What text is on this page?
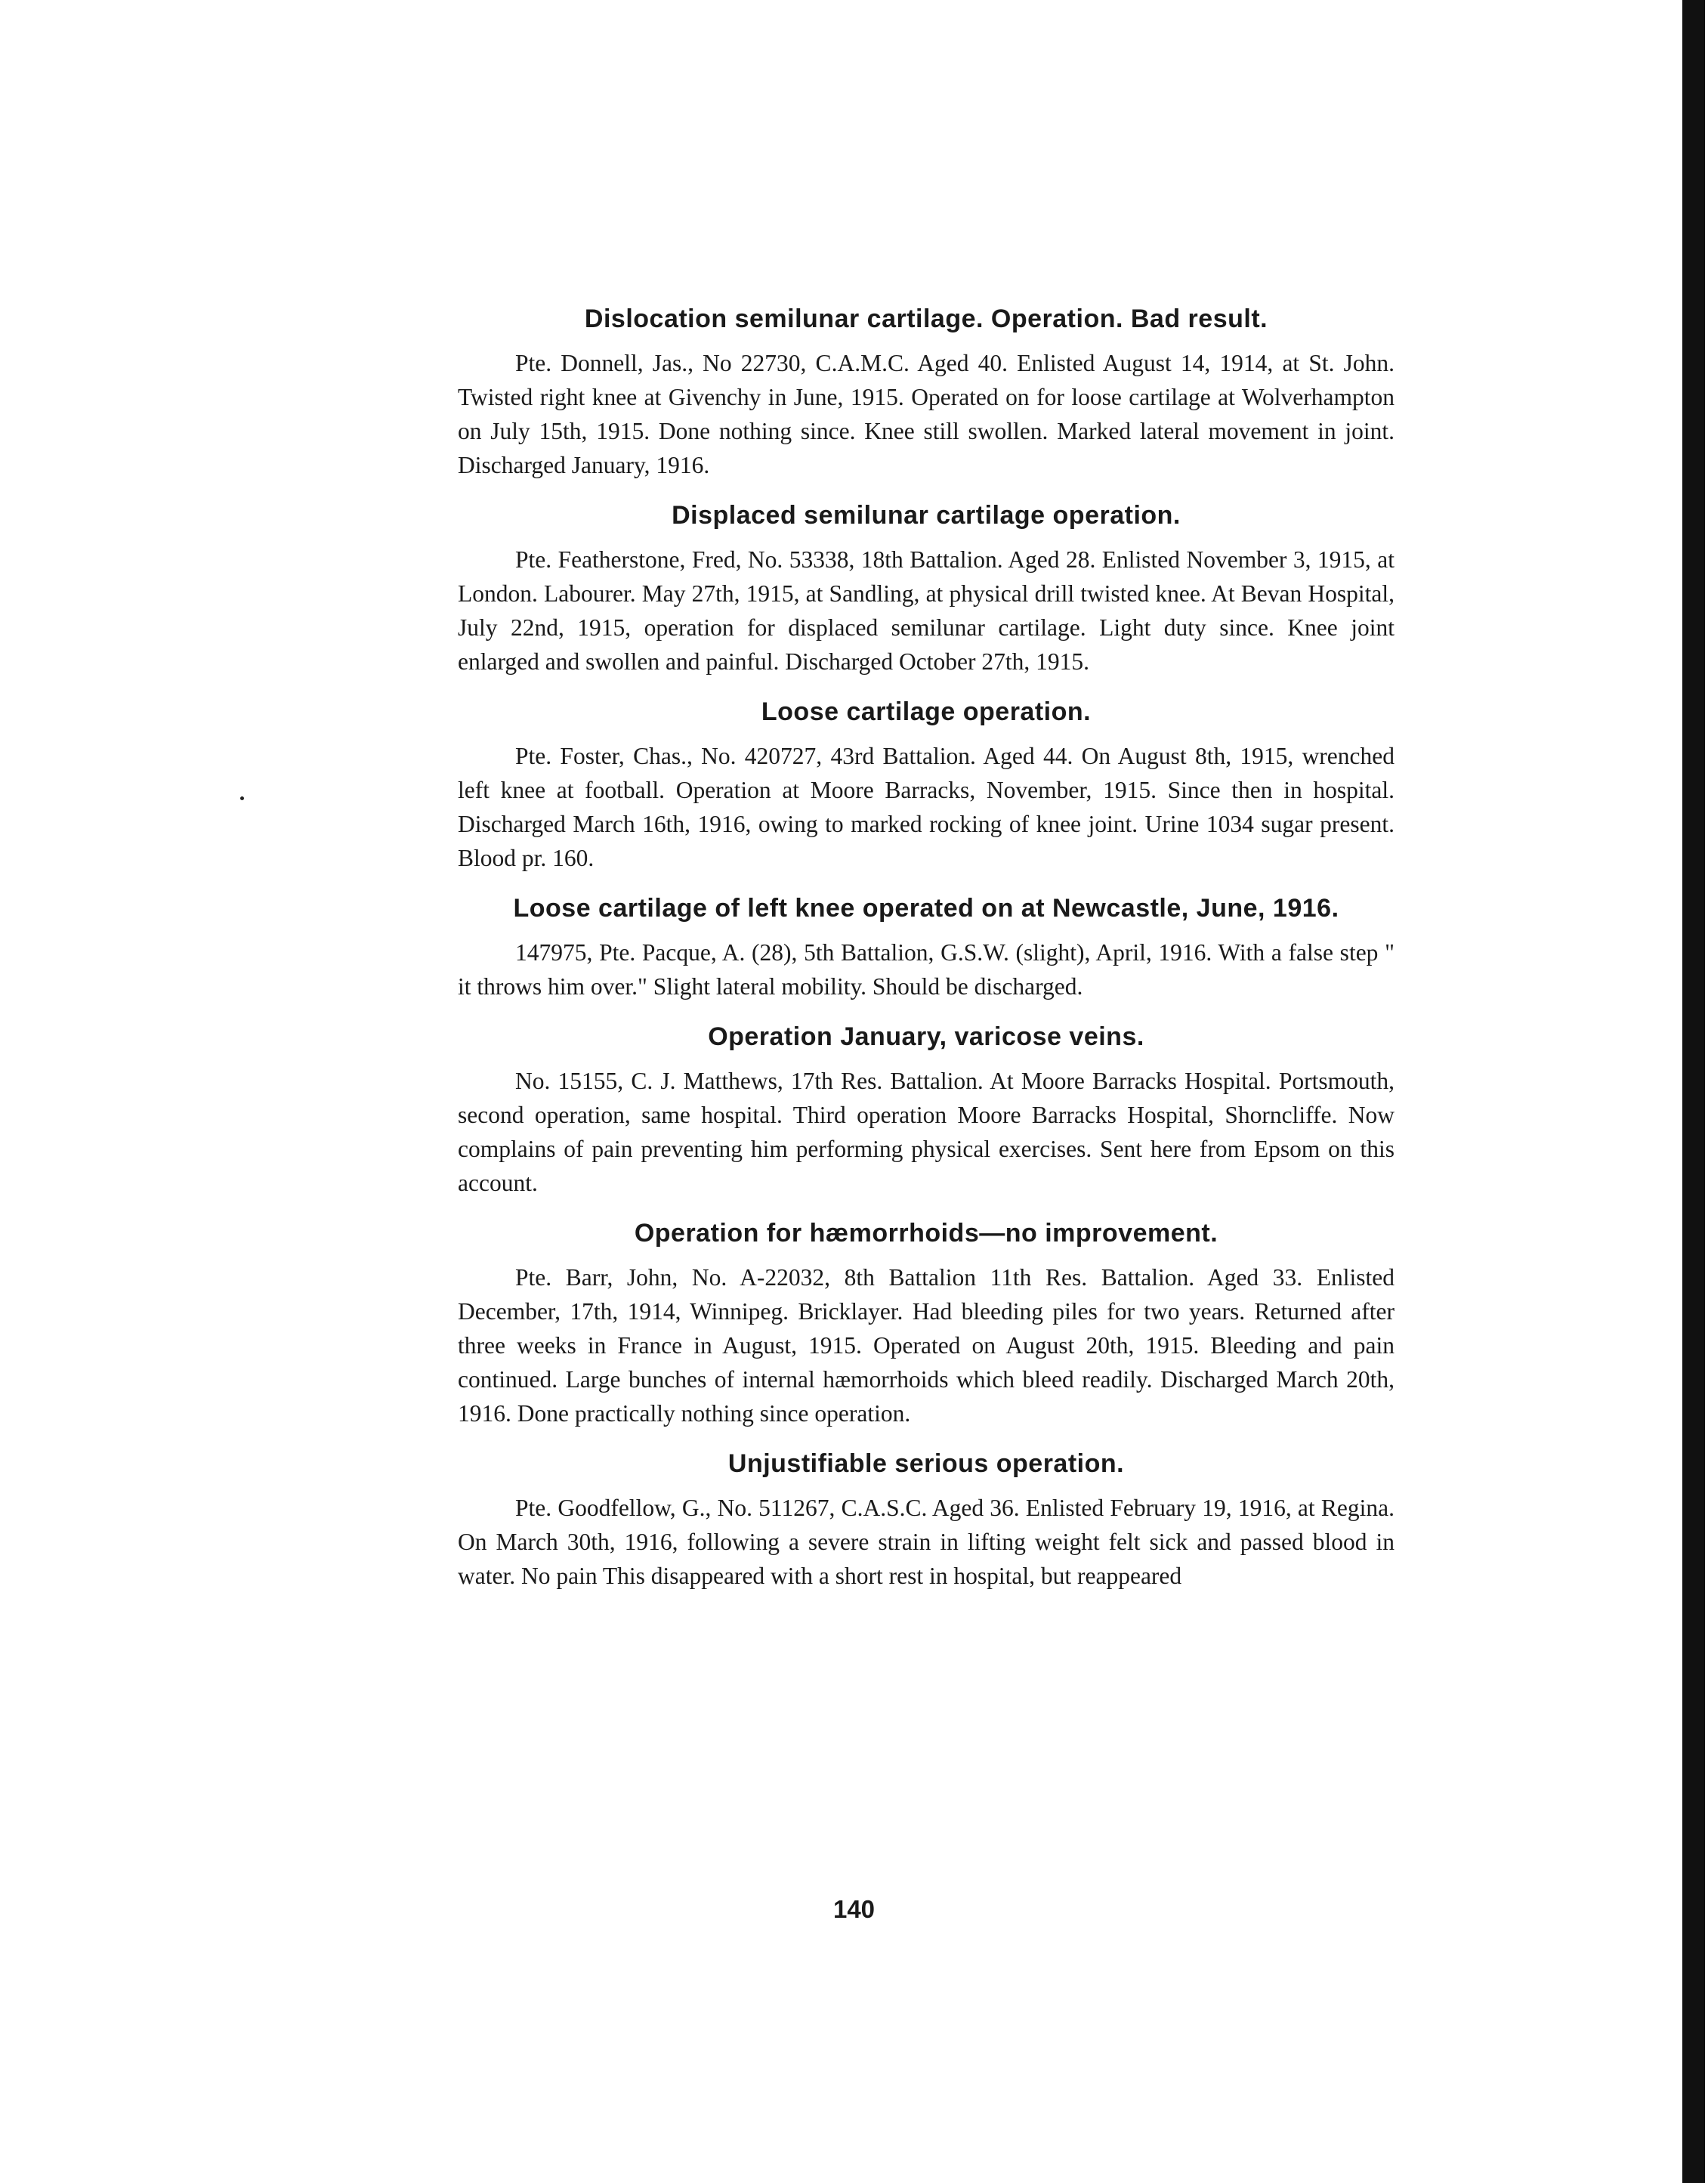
Dislocation semilunar cartilage. Operation. Bad result.

Pte. Donnell, Jas., No 22730, C.A.M.C. Aged 40. Enlisted August 14, 1914, at St. John. Twisted right knee at Givenchy in June, 1915. Operated on for loose cartilage at Wolverhampton on July 15th, 1915. Done nothing since. Knee still swollen. Marked lateral movement in joint. Discharged January, 1916.

Displaced semilunar cartilage operation.

Pte. Featherstone, Fred, No. 53338, 18th Battalion. Aged 28. Enlisted November 3, 1915, at London. Labourer. May 27th, 1915, at Sandling, at physical drill twisted knee. At Bevan Hospital, July 22nd, 1915, operation for displaced semilunar cartilage. Light duty since. Knee joint enlarged and swollen and painful. Discharged October 27th, 1915.

Loose cartilage operation.

Pte. Foster, Chas., No. 420727, 43rd Battalion. Aged 44. On August 8th, 1915, wrenched left knee at football. Operation at Moore Barracks, November, 1915. Since then in hospital. Discharged March 16th, 1916, owing to marked rocking of knee joint. Urine 1034 sugar present. Blood pr. 160.

Loose cartilage of left knee operated on at Newcastle, June, 1916.

147975, Pte. Pacque, A. (28), 5th Battalion, G.S.W. (slight), April, 1916. With a false step " it throws him over." Slight lateral mobility. Should be discharged.

Operation January, varicose veins.

No. 15155, C. J. Matthews, 17th Res. Battalion. At Moore Barracks Hospital. Portsmouth, second operation, same hospital. Third operation Moore Barracks Hospital, Shorncliffe. Now complains of pain preventing him performing physical exercises. Sent here from Epsom on this account.

Operation for hæmorrhoids—no improvement.

Pte. Barr, John, No. A-22032, 8th Battalion 11th Res. Battalion. Aged 33. Enlisted December, 17th, 1914, Winnipeg. Bricklayer. Had bleeding piles for two years. Returned after three weeks in France in August, 1915. Operated on August 20th, 1915. Bleeding and pain continued. Large bunches of internal hæmorrhoids which bleed readily. Discharged March 20th, 1916. Done practically nothing since operation.

Unjustifiable serious operation.

Pte. Goodfellow, G., No. 511267, C.A.S.C. Aged 36. Enlisted February 19, 1916, at Regina. On March 30th, 1916, following a severe strain in lifting weight felt sick and passed blood in water. No pain This disappeared with a short rest in hospital, but reappeared

140
